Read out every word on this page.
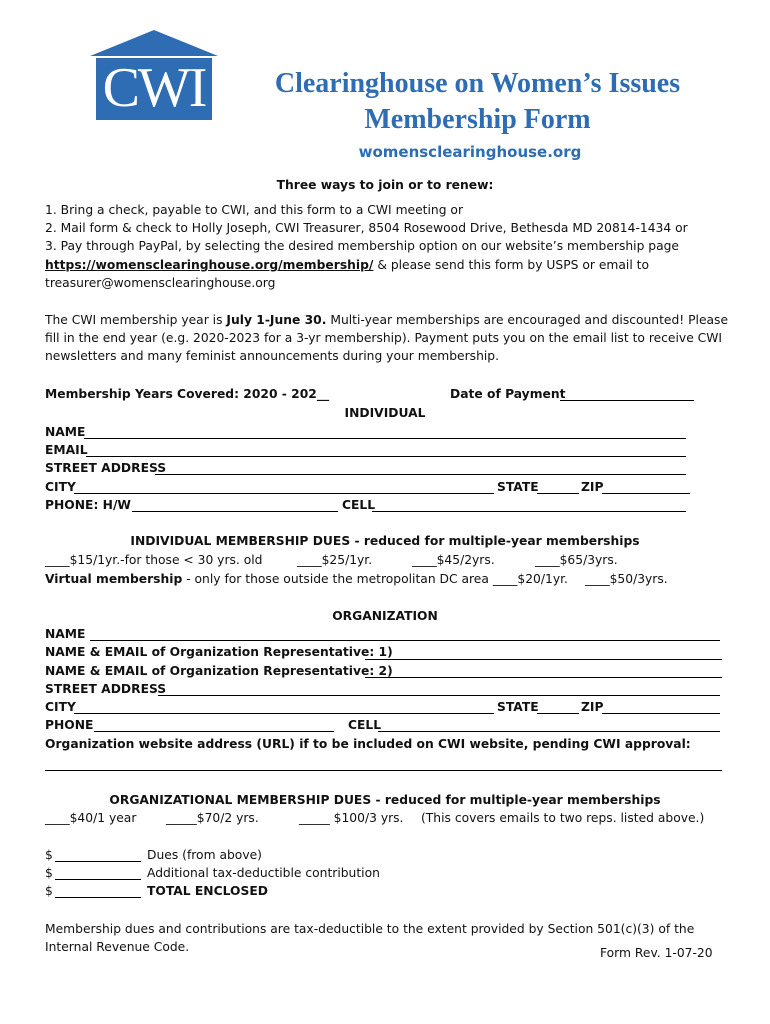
CWI	Clearinghouse on Women’s Issues
Membership Form
womensclearinghouse.org
Three ways to join or to renew:
1. Bring a check, payable to CWI, and this form to a CWI meeting or
2. Mail form & check to Holly Joseph, CWI Treasurer, 8504 Rosewood Drive, Bethesda MD 20814-1434 or
3. Pay through PayPal, by selecting the desired membership option on our website’s membership page
https://womensclearinghouse.org/membership/ & please send this form by USPS or email to
treasurer@womensclearinghouse.org
The CWI membership year is July 1-June 30. Multi-year memberships are encouraged and discounted! Please
fill in the end year (e.g. 2020-2023 for a 3-yr membership). Payment puts you on the email list to receive CWI
newsletters and many feminist announcements during your membership.
Membership Years Covered: 2020 - 202__	Date of Payment
INDIVIDUAL
NAME
EMAIL
STREET ADDRESS
CITY	STATE	ZIP
PHONE: H/W	CELL
INDIVIDUAL MEMBERSHIP DUES - reduced for multiple-year memberships
____$15/1yr.-for those < 30 yrs. old	____$25/1yr.	____$45/2yrs.	____$65/3yrs.
Virtual membership - only for those outside the metropolitan DC area ____$20/1yr. ____$50/3yrs.
ORGANIZATION
NAME
NAME & EMAIL of Organization Representative: 1)
NAME & EMAIL of Organization Representative: 2)
STREET ADDRESS
CITY	STATE	ZIP
PHONE	CELL
Organization website address (URL) if to be included on CWI website, pending CWI approval:
ORGANIZATIONAL MEMBERSHIP DUES - reduced for multiple-year memberships
____$40/1 year _____$70/2 yrs.	_____ $100/3 yrs. (This covers emails to two reps. listed above.)
$	Dues (from above)
$	Additional tax-deductible contribution
$	TOTAL ENCLOSED
Membership dues and contributions are tax-deductible to the extent provided by Section 501(c)(3) of the
Internal Revenue Code.	Form Rev. 1-07-20
